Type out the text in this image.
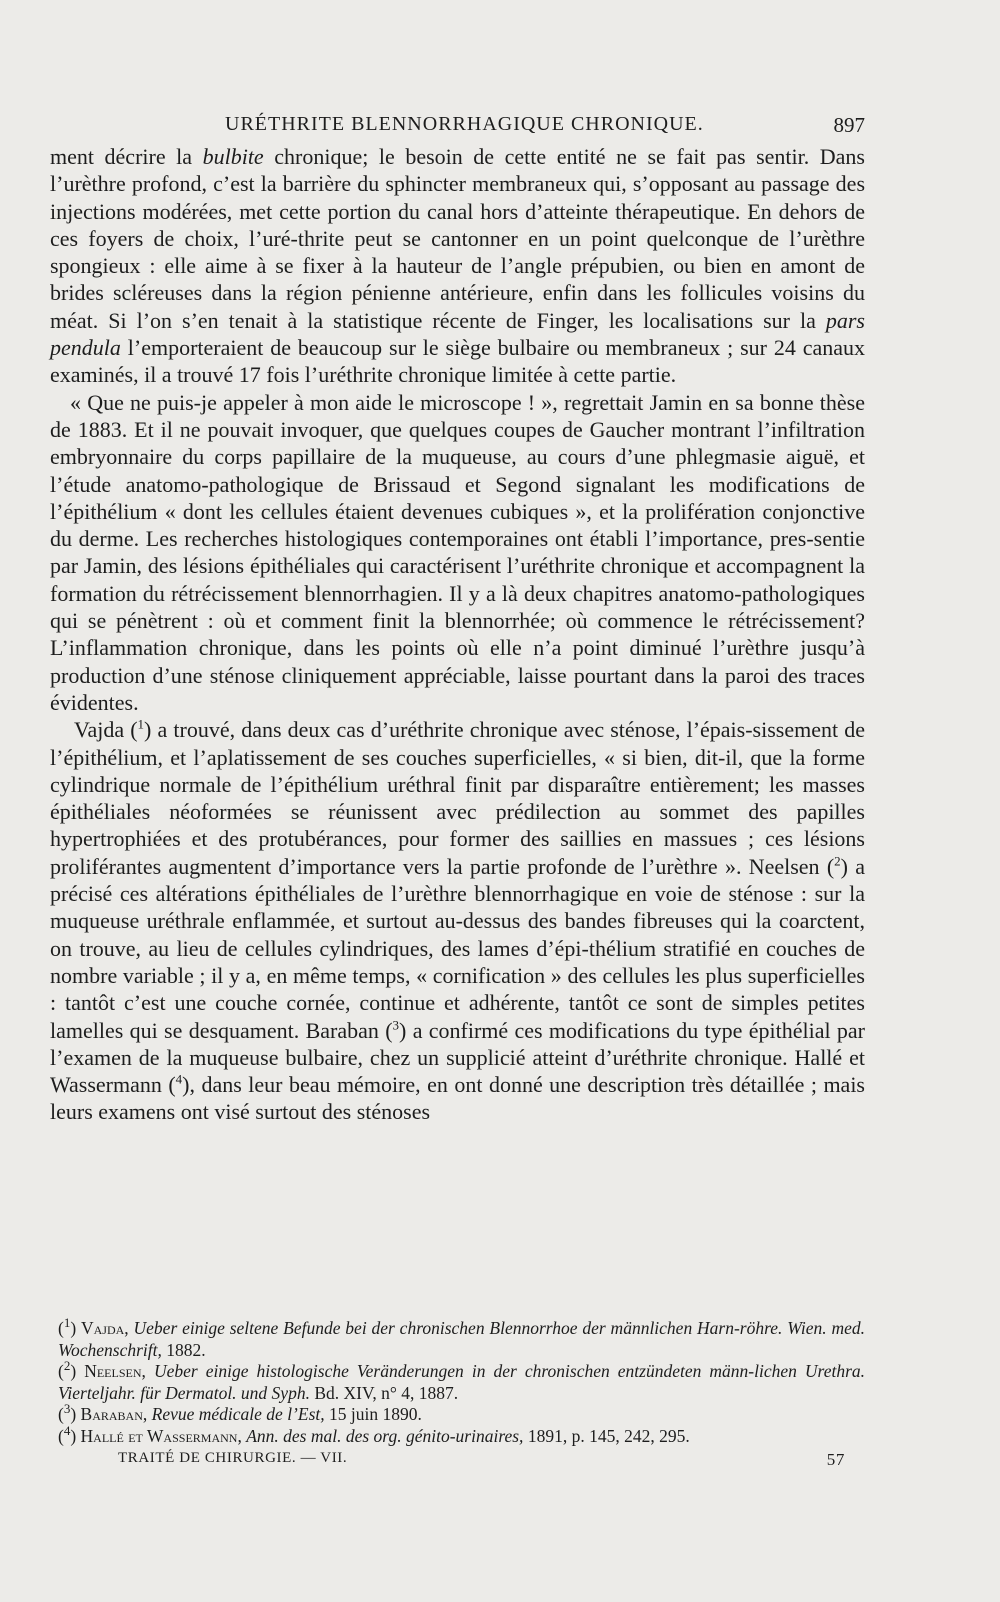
URÉTHRITE BLENNORRHAGIQUE CHRONIQUE.	897

ment décrire la bulbite chronique; le besoin de cette entité ne se fait pas sentir. Dans l’urèthre profond, c’est la barrière du sphincter membraneux qui, s’opposant au passage des injections modérées, met cette portion du canal hors d’atteinte thérapeutique. En dehors de ces foyers de choix, l’uré-thrite peut se cantonner en un point quelconque de l’urèthre spongieux : elle aime à se fixer à la hauteur de l’angle prépubien, ou bien en amont de brides scléreuses dans la région pénienne antérieure, enfin dans les follicules voisins du méat. Si l’on s’en tenait à la statistique récente de Finger, les localisations sur la pars pendula l’emporteraient de beaucoup sur le siège bulbaire ou membraneux ; sur 24 canaux examinés, il a trouvé 17 fois l’uréthrite chronique limitée à cette partie.

« Que ne puis-je appeler à mon aide le microscope ! », regrettait Jamin en sa bonne thèse de 1883. Et il ne pouvait invoquer, que quelques coupes de Gaucher montrant l’infiltration embryonnaire du corps papillaire de la muqueuse, au cours d’une phlegmasie aiguë, et l’étude anatomo-pathologique de Brissaud et Segond signalant les modifications de l’épithélium « dont les cellules étaient devenues cubiques », et la prolifération conjonctive du derme. Les recherches histologiques contemporaines ont établi l’importance, pres-sentie par Jamin, des lésions épithéliales qui caractérisent l’uréthrite chronique et accompagnent la formation du rétrécissement blennorrhagien. Il y a là deux chapitres anatomo-pathologiques qui se pénètrent : où et comment finit la blennorrhée; où commence le rétrécissement? L’inflammation chronique, dans les points où elle n’a point diminué l’urèthre jusqu’à production d’une sténose cliniquement appréciable, laisse pourtant dans la paroi des traces évidentes.

Vajda ($^1$) a trouvé, dans deux cas d’uréthrite chronique avec sténose, l’épais-sissement de l’épithélium, et l’aplatissement de ses couches superficielles, « si bien, dit-il, que la forme cylindrique normale de l’épithélium uréthral finit par disparaître entièrement; les masses épithéliales néoformées se réunissent avec prédilection au sommet des papilles hypertrophiées et des protubérances, pour former des saillies en massues ; ces lésions proliférantes augmentent d’importance vers la partie profonde de l’urèthre ». Neelsen ($^2$) a précisé ces altérations épithéliales de l’urèthre blennorrhagique en voie de sténose : sur la muqueuse uréthrale enflammée, et surtout au-dessus des bandes fibreuses qui la coarctent, on trouve, au lieu de cellules cylindriques, des lames d’épi-thélium stratifié en couches de nombre variable ; il y a, en même temps, « cornification » des cellules les plus superficielles : tantôt c’est une couche cornée, continue et adhérente, tantôt ce sont de simples petites lamelles qui se desquament. Baraban ($^3$) a confirmé ces modifications du type épithélial par l’examen de la muqueuse bulbaire, chez un supplicié atteint d’uréthrite chronique. Hallé et Wassermann ($^4$), dans leur beau mémoire, en ont donné une description très détaillée ; mais leurs examens ont visé surtout des sténoses

($^1$) Vajda, Ueber einige seltene Befunde bei der chronischen Blennorrhoe der männlichen Harn-röhre. Wien. med. Wochenschrift, 1882.

($^2$) Neelsen, Ueber einige histologische Veränderungen in der chronischen entzündeten männ-lichen Urethra. Vierteljahr. für Dermatol. und Syph. Bd. XIV, n° 4, 1887.

($^3$) Baraban, Revue médicale de l’Est, 15 juin 1890.

($^4$) Hallé et Wassermann, Ann. des mal. des org. génito-urinaires, 1891, p. 145, 242, 295.

TRAITÉ DE CHIRURGIE. — VII.	57
